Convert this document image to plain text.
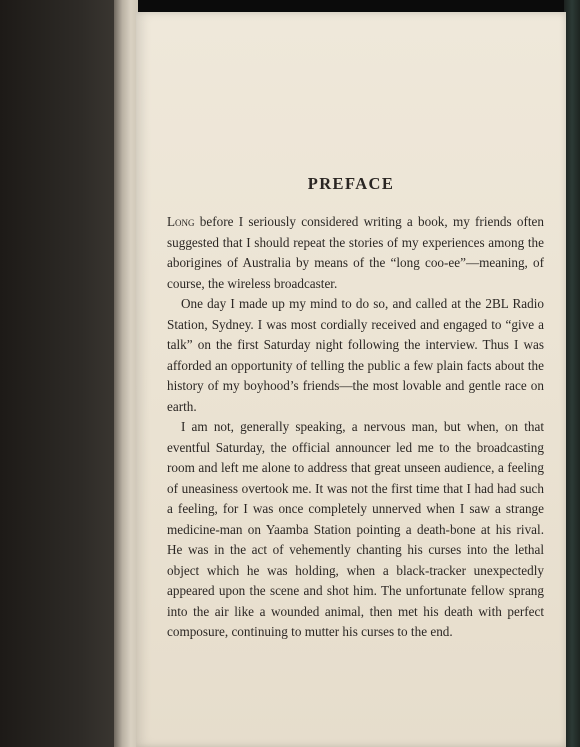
PREFACE

Long before I seriously considered writing a book, my friends often suggested that I should repeat the stories of my experiences among the aborigines of Australia by means of the “long coo-ee”—meaning, of course, the wireless broadcaster.

One day I made up my mind to do so, and called at the 2BL Radio Station, Sydney. I was most cordially received and engaged to “give a talk” on the first Saturday night following the interview. Thus I was afforded an opportunity of telling the public a few plain facts about the history of my boyhood’s friends—the most lovable and gentle race on earth.

I am not, generally speaking, a nervous man, but when, on that eventful Saturday, the official announcer led me to the broadcasting room and left me alone to address that great unseen audience, a feeling of uneasiness overtook me. It was not the first time that I had had such a feeling, for I was once completely unnerved when I saw a strange medicine-man on Yaamba Station pointing a death-bone at his rival. He was in the act of vehemently chanting his curses into the lethal object which he was holding, when a black-tracker unexpectedly appeared upon the scene and shot him. The unfortunate fellow sprang into the air like a wounded animal, then met his death with perfect composure, continuing to mutter his curses to the end.
